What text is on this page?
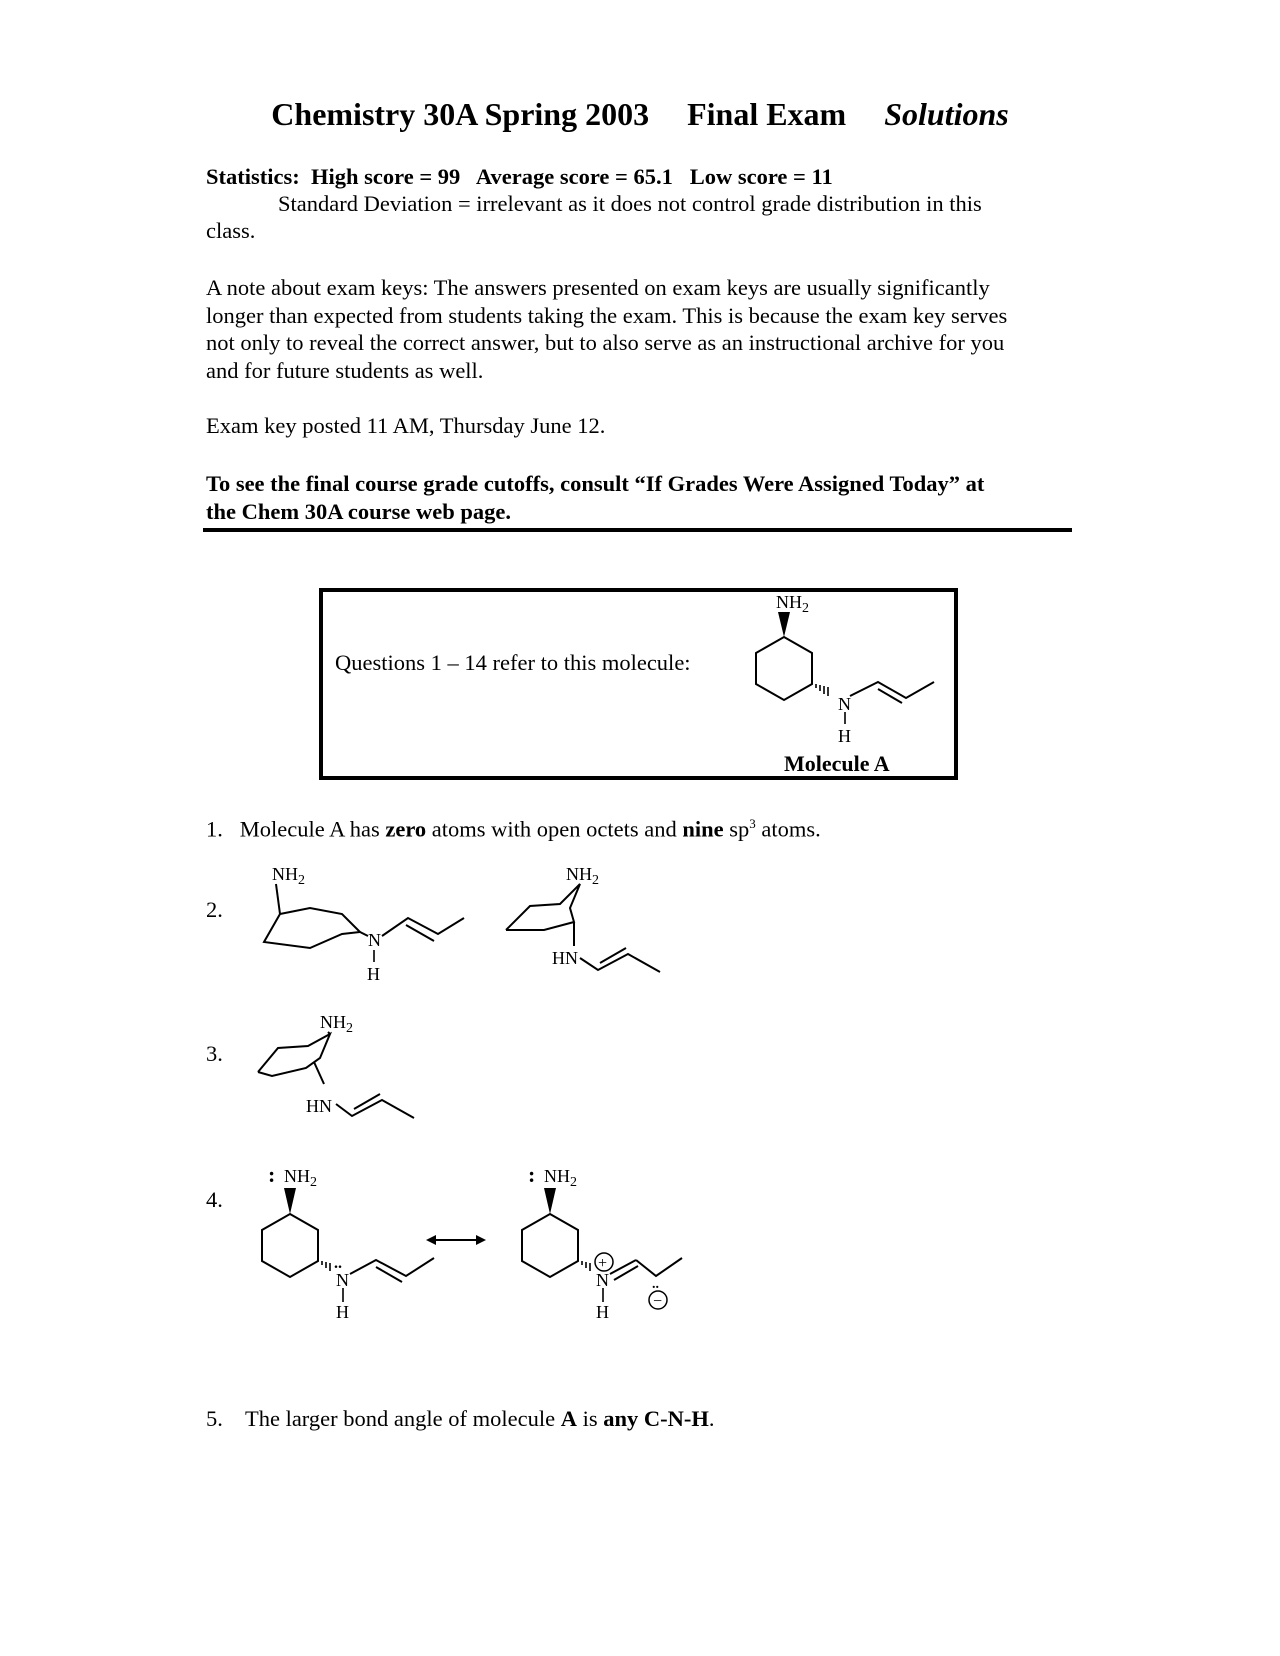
Chemistry 30A Spring 2003 Final Exam Solutions
Statistics: High score = 99 Average score = 65.1 Low score = 11
Standard Deviation = irrelevant as it does not control grade distribution in this
class.
A note about exam keys: The answers presented on exam keys are usually significantly
longer than expected from students taking the exam. This is because the exam key serves
not only to reveal the correct answer, but to also serve as an instructional archive for you
and for future students as well.
Exam key posted 11 AM, Thursday June 12.
To see the final course grade cutoffs, consult “If Grades Were Assigned Today” at
the Chem 30A course web page.
Questions 1 – 14 refer to this molecule:
$NH_2$
N
H
Molecule A
1. Molecule A has zero atoms with open octets and nine $sp^3$ atoms.
2.
$NH_2$
N
H
$NH_2$
HN
3.
$NH_2$
HN
4.
: $NH_2$
..
N
H
: $NH_2$
+
N
H
..
−
5. The larger bond angle of molecule A is any C-N-H.
